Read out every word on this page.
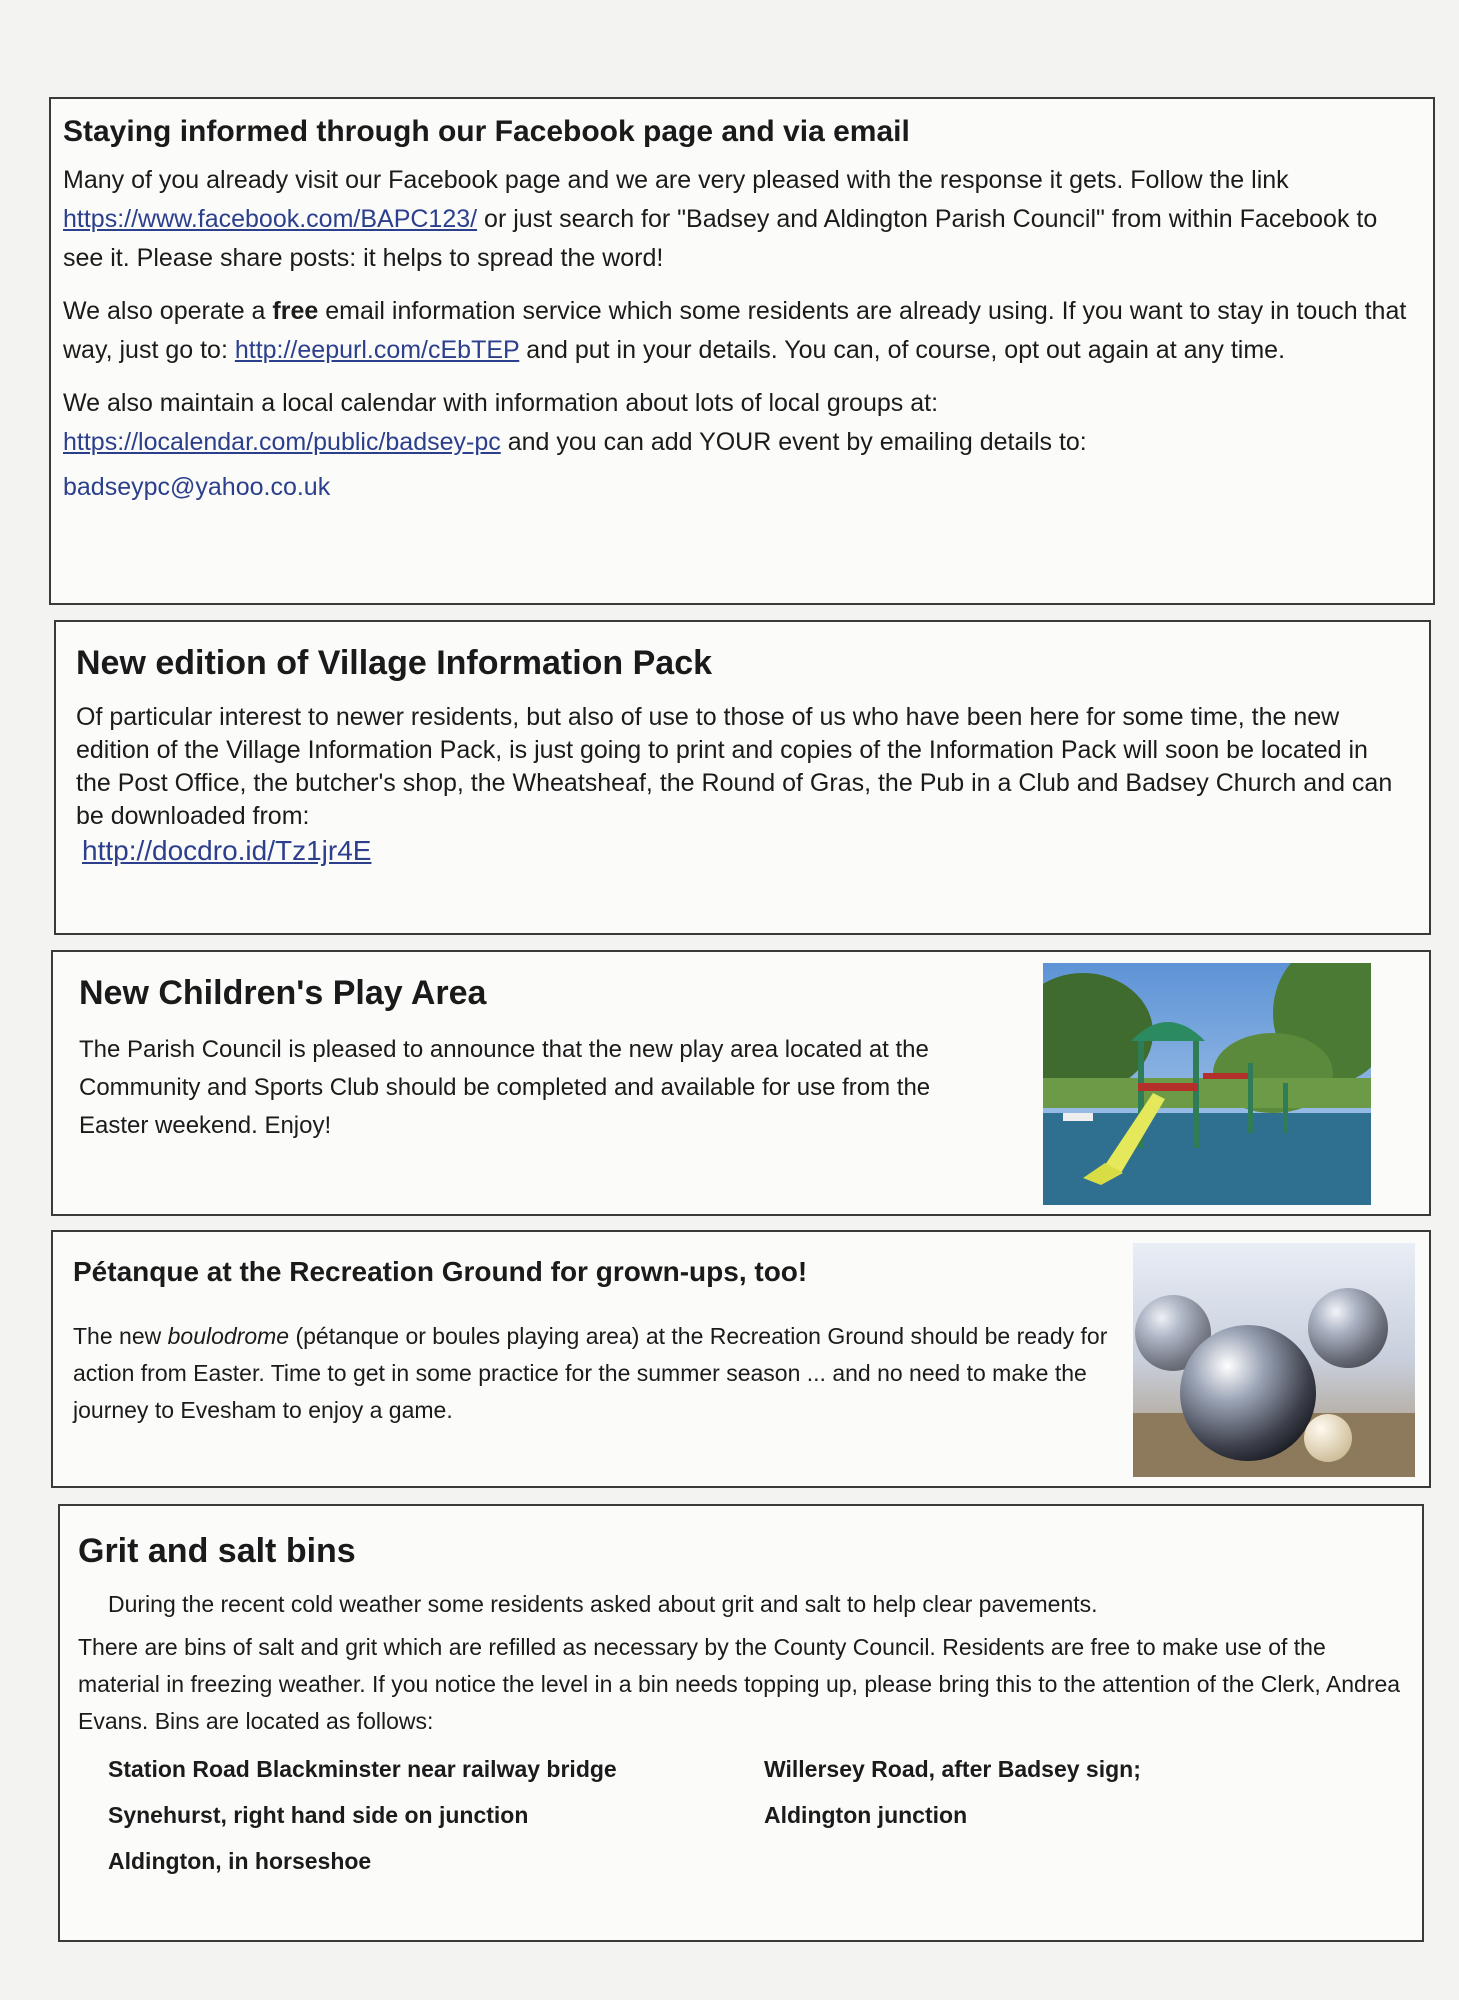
Staying informed through our Facebook page and via email

Many of you already visit our Facebook page and we are very pleased with the response it gets. Follow the link https://www.facebook.com/BAPC123/ or just search for "Badsey and Aldington Parish Council" from within Facebook to see it. Please share posts: it helps to spread the word!

We also operate a free email information service which some residents are already using. If you want to stay in touch that way, just go to: http://eepurl.com/cEbTEP and put in your details. You can, of course, opt out again at any time.

We also maintain a local calendar with information about lots of local groups at:
https://localendar.com/public/badsey-pc and you can add YOUR event by emailing details to:

badseypc@yahoo.co.uk

New edition of Village Information Pack

Of particular interest to newer residents, but also of use to those of us who have been here for some time, the new edition of the Village Information Pack, is just going to print and copies of the Information Pack will soon be located in the Post Office, the butcher's shop, the Wheatsheaf, the Round of Gras, the Pub in a Club and Badsey Church and can be downloaded from:

http://docdro.id/Tz1jr4E

New Children's Play Area

The Parish Council is pleased to announce that the new play area located at the Community and Sports Club should be completed and available for use from the Easter weekend. Enjoy!

Pétanque at the Recreation Ground for grown-ups, too!

The new boulodrome (pétanque or boules playing area) at the Recreation Ground should be ready for action from Easter. Time to get in some practice for the summer season ... and no need to make the journey to Evesham to enjoy a game.

Grit and salt bins

During the recent cold weather some residents asked about grit and salt to help clear pavements.

There are bins of salt and grit which are refilled as necessary by the County Council. Residents are free to make use of the material in freezing weather. If you notice the level in a bin needs topping up, please bring this to the attention of the Clerk, Andrea Evans. Bins are located as follows:

Station Road Blackminster near railway bridge	Willersey Road, after Badsey sign;
Synehurst, right hand side on junction	Aldington junction
Aldington, in horseshoe
